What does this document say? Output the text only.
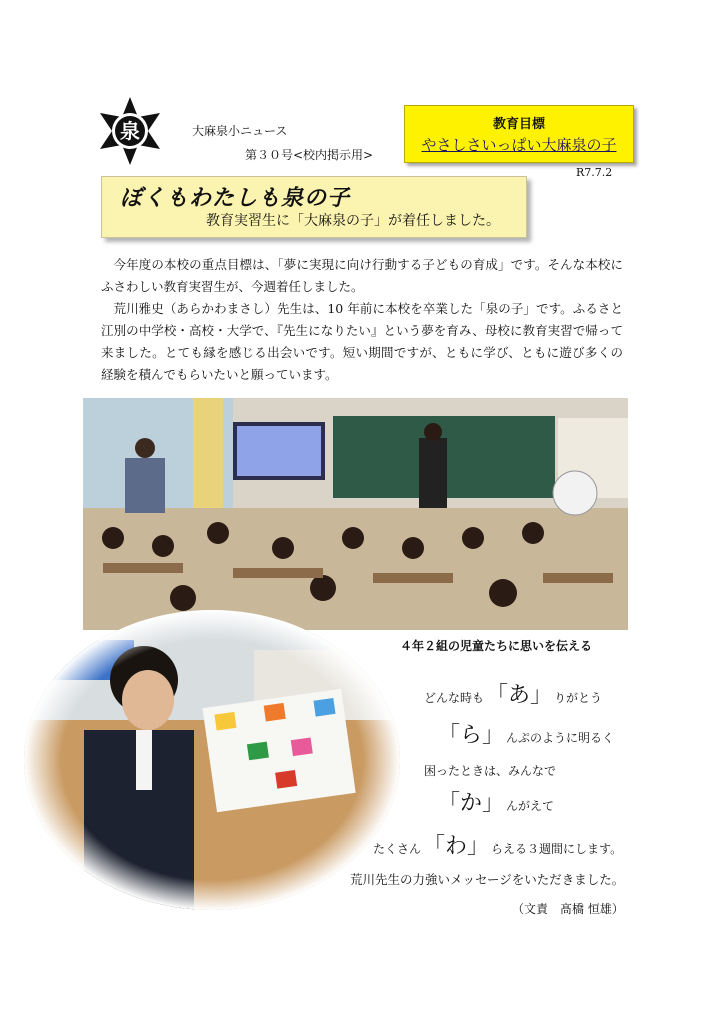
泉	大麻泉小ニュース
第３０号<校内掲示用>
教育目標
やさしさいっぱい大麻泉の子
R7.7.2
ぼくもわたしも泉の子
教育実習生に「大麻泉の子」が着任しました。

今年度の本校の重点目標は、「夢に実現に向け行動する子どもの育成」です。そんな本校にふさわしい教育実習生が、今週着任しました。

荒川雅史（あらかわまさし）先生は、10 年前に本校を卒業した「泉の子」です。ふるさと江別の中学校・高校・大学で、『先生になりたい』という夢を育み、母校に教育実習で帰って来ました。とても縁を感じる出会いです。短い期間ですが、ともに学び、ともに遊び多くの経験を積んでもらいたいと願っています。

４年２組の児童たちに思いを伝える
どんな時も「あ」 りがとう
「ら」 んぷのように明るく
困ったときは、みんなで
「か」 んがえて
たくさん「わ」 らえる３週間にします。
荒川先生の力強いメッセージをいただきました。
（文責　髙橋 恒雄）
